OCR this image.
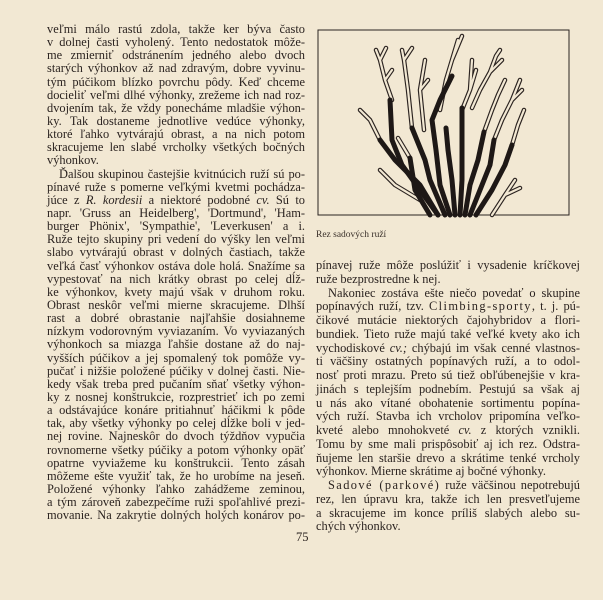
Rez sadových ruží
veľmi málo rastú zdola, takže ker býva často
v dolnej časti vyholený. Tento nedostatok môže-
me zmierniť odstránením jedného alebo dvoch
starých výhonkov až nad zdravým, dobre vyvinu-
tým púčikom blízko povrchu pôdy. Keď chceme
docieliť veľmi dlhé výhonky, zrežeme ich nad roz-
dvojením tak, že vždy ponecháme mladšie výhon-
ky. Tak dostaneme jednotlive vedúce výhonky,
ktoré ľahko vytvárajú obrast, a na nich potom
skracujeme len slabé vrcholky všetkých bočných
výhonkov.
Ďalšou skupinou častejšie kvitnúcich ruží sú po-
pínavé ruže s pomerne veľkými kvetmi pochádza-
júce z R. kordesii a niektoré podobné cv. Sú to
napr. 'Gruss an Heidelberg', 'Dortmund', 'Ham-
burger Phönix', 'Sympathie', 'Leverkusen' a i.
Ruže tejto skupiny pri vedení do výšky len veľmi
slabo vytvárajú obrast v dolných častiach, takže
veľká časť výhonkov ostáva dole holá. Snažíme sa
vypestovať na nich krátky obrast po celej dĺž-
ke výhonkov, kvety majú však v druhom roku.
Obrast neskôr veľmi mierne skracujeme. Dlhší
rast a dobré obrastanie najľahšie dosiahneme
nízkym vodorovným vyviazaním. Vo vyviazaných
výhonkoch sa miazga ľahšie dostane až do naj-
vyšších púčikov a jej spomalený tok pomôže vy-
pučať i nižšie položené púčiky v dolnej časti. Nie-
kedy však treba pred pučaním sňať všetky výhon-
ky z nosnej konštrukcie, rozprestrieť ich po zemi
a odstávajúce konáre pritiahnuť háčikmi k pôde
tak, aby všetky výhonky po celej dĺžke boli v jed-
nej rovine. Najneskôr do dvoch týždňov vypučia
rovnomerne všetky púčiky a potom výhonky opäť
opatrne vyviažeme ku konštrukcii. Tento zásah
môžeme ešte využiť tak, že ho urobíme na jeseň.
Položené výhonky ľahko zahádžeme zeminou,
a tým zároveň zabezpečíme ruži spoľahlivé prezi-
movanie. Na zakrytie dolných holých konárov po-
pínavej ruže môže poslúžiť i vysadenie kríčkovej
ruže bezprostredne k nej.
Nakoniec zostáva ešte niečo povedať o skupine
popínavých ruží, tzv. Climbing-sporty, t. j. pú-
čikové mutácie niektorých čajohybridov a flori-
bundiek. Tieto ruže majú také veľké kvety ako ich
vychodiskové cv.; chýbajú im však cenné vlastnos-
ti väčšiny ostatných popínavých ruží, a to odol-
nosť proti mrazu. Preto sú tiež obľúbenejšie v kra-
jinách s teplejším podnebím. Pestujú sa však aj
u nás ako vítané obohatenie sortimentu popína-
vých ruží. Stavba ich vrcholov pripomína veľko-
kveté alebo mnohokveté cv. z ktorých vznikli.
Tomu by sme mali prispôsobiť aj ich rez. Odstra-
ňujeme len staršie drevo a skrátime tenké vrcholy
výhonkov. Mierne skrátime aj bočné výhonky.
Sadové (parkové) ruže väčšinou nepotrebujú
rez, len úpravu kra, takže ich len presvetľujeme
a skracujeme im konce príliš slabých alebo su-
chých výhonkov.
75
